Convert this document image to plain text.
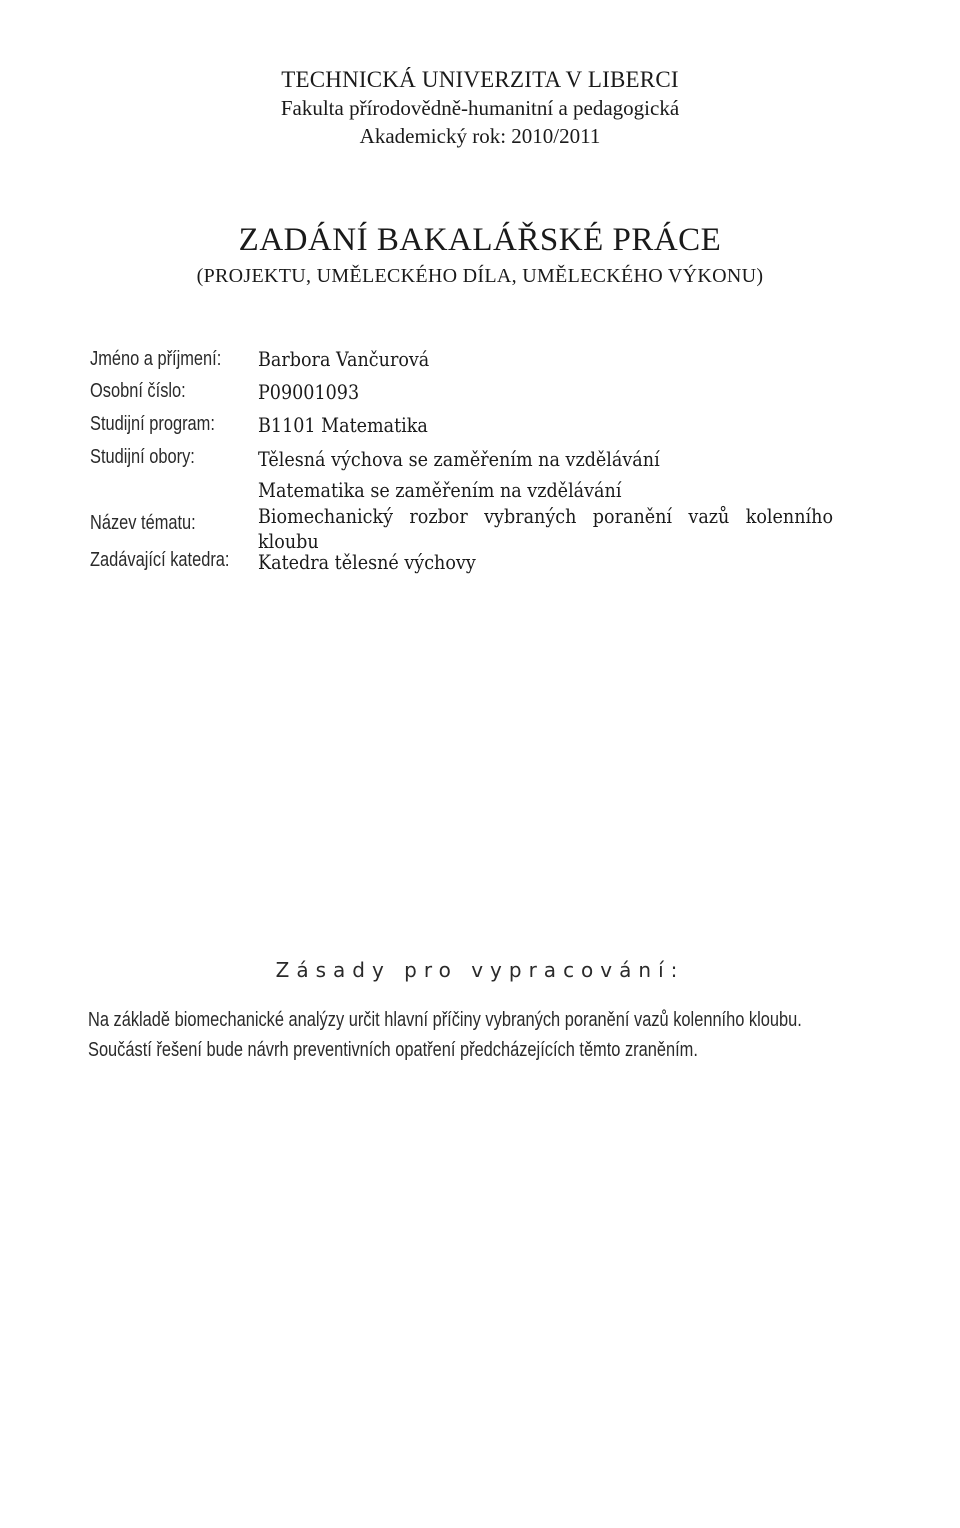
TECHNICKÁ UNIVERZITA V LIBERCI
Fakulta přírodovědně-humanitní a pedagogická
Akademický rok: 2010/2011
ZADÁNÍ BAKALÁŘSKÉ PRÁCE
(PROJEKTU, UMĚLECKÉHO DÍLA, UMĚLECKÉHO VÝKONU)
Jméno a příjmení: Barbora Vančurová
Osobní číslo:	P09001093
Studijní program: B1101 Matematika
Studijní obory:	Tělesná výchova se zaměřením na vzdělávání
Matematika se zaměřením na vzdělávání
Název tématu:	Biomechanický rozbor vybraných poranění vazů kolenního
kloubu
Zadávající katedra: Katedra tělesné výchovy
Zásady pro vypracování:
Na základě biomechanické analýzy určit hlavní příčiny vybraných poranění vazů kolenního kloubu. Součástí řešení bude návrh preventivních opatření předcházejících těmto zraněním.
